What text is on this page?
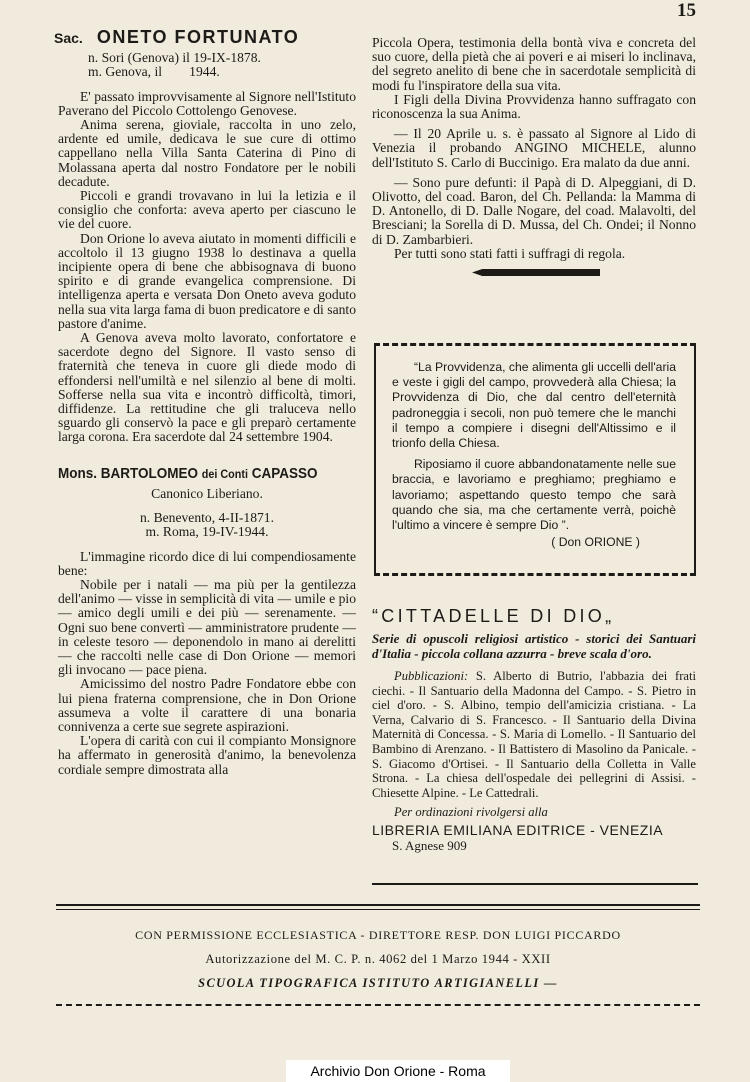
15
Sac. ONETO FORTUNATO
n. Sori (Genova) il 19-IX-1878.
m. Genova, il        1944.

E' passato improvvisamente al Signore nell'Istituto Paverano del Piccolo Cottolengo Genovese.

Anima serena, gioviale, raccolta in uno zelo, ardente ed umile, dedicava le sue cure di ottimo cappellano nella Villa Santa Caterina di Pino di Molassana aperta dal nostro Fondatore per le nobili decadute.

Piccoli e grandi trovavano in lui la letizia e il consiglio che conforta: aveva aperto per ciascuno le vie del cuore.

Don Orione lo aveva aiutato in momenti difficili e accoltolo il 13 giugno 1938 lo destinava a quella incipiente opera di bene che abbisognava di buono spirito e di grande evangelica comprensione. Di intelligenza aperta e versata Don Oneto aveva goduto nella sua vita larga fama di buon predicatore e di santo pastore d'anime.

A Genova aveva molto lavorato, confortatore e sacerdote degno del Signore. Il vasto senso di fraternità che teneva in cuore gli diede modo di effondersi nell'umiltà e nel silenzio al bene di molti. Sofferse nella sua vita e incontrò difficoltà, timori, diffidenze. La rettitudine che gli traluceva nello sguardo gli conservò la pace e gli preparò certamente larga corona. Era sacerdote dal 24 settembre 1904.

Mons. BARTOLOMEO dei Conti CAPASSO
Canonico Liberiano.
n. Benevento, 4-II-1871.
m. Roma, 19-IV-1944.

L'immagine ricordo dice di lui compendiosamente bene:

Nobile per i natali — ma più per la gentilezza dell'animo — visse in semplicità di vita — umile e pio — amico degli umili e dei più — serenamente. — Ogni suo bene convertì — amministratore prudente — in celeste tesoro — deponendolo in mano ai derelitti — che raccolti nelle case di Don Orione — memori gli invocano — pace piena.

Amicissimo del nostro Padre Fondatore ebbe con lui piena fraterna comprensione, che in Don Orione assumeva a volte il carattere di una bonaria connivenza a certe sue segrete aspirazioni.

L'opera di carità con cui il compianto Monsignore ha affermato in generosità d'animo, la benevolenza cordiale sempre dimostrata alla

Piccola Opera, testimonia della bontà viva e concreta del suo cuore, della pietà che ai poveri e ai miseri lo inclinava, del segreto anelito di bene che in sacerdotale semplicità di modi fu l'inspiratore della sua vita.

I Figli della Divina Provvidenza hanno suffragato con riconoscenza la sua Anima.

— Il 20 Aprile u. s. è passato al Signore al Lido di Venezia il probando ANGINO MICHELE, alunno dell'Istituto S. Carlo di Buccinigo. Era malato da due anni.

— Sono pure defunti: il Papà di D. Alpeggiani, di D. Olivotto, del coad. Baron, del Ch. Pellanda: la Mamma di D. Antonello, di D. Dalle Nogare, del coad. Malavolti, del Bresciani; la Sorella di D. Mussa, del Ch. Ondei; il Nonno di D. Zambarbieri.

Per tutti sono stati fatti i suffragi di regola.

“La Provvidenza, che alimenta gli uccelli dell'aria e veste i gigli del campo, provvederà alla Chiesa; la Provvidenza di Dio, che dal centro dell'eternità padroneggia i secoli, non può temere che le manchi il tempo a compiere i disegni dell'Altissimo e il trionfo della Chiesa.

Riposiamo il cuore abbandonatamente nelle sue braccia, e lavoriamo e preghiamo; preghiamo e lavoriamo; aspettando questo tempo che sarà quando che sia, ma che certamente verrà, poichè l'ultimo a vincere è sempre Dio ”.

( Don ORIONE )
“CITTADELLE DI DIO„

Serie di opuscoli religiosi artistico - storici dei Santuari d'Italia - piccola collana azzurra - breve scala d'oro.

Pubblicazioni: S. Alberto di Butrio, l'abbazia dei frati ciechi. - Il Santuario della Madonna del Campo. - S. Pietro in ciel d'oro. - S. Albino, tempio dell'amicizia cristiana. - La Verna, Calvario di S. Francesco. - Il Santuario della Divina Maternità di Concessa. - S. Maria di Lomello. - Il Santuario del Bambino di Arenzano. - Il Battistero di Masolino da Panicale. - S. Giacomo d'Ortisei. - Il Santuario della Colletta in Valle Strona. - La chiesa dell'ospedale dei pellegrini di Assisi. - Chiesette Alpine. - Le Cattedrali.

Per ordinazioni rivolgersi alla
LIBRERIA EMILIANA EDITRICE - VENEZIA
S. Agnese 909
CON PERMISSIONE ECCLESIASTICA - DIRETTORE RESP. DON LUIGI PICCARDO
Autorizzazione del M. C. P. n. 4062 del 1 Marzo 1944 - XXII
SCUOLA TIPOGRAFICA ISTITUTO ARTIGIANELLI —
Archivio Don Orione - Roma
